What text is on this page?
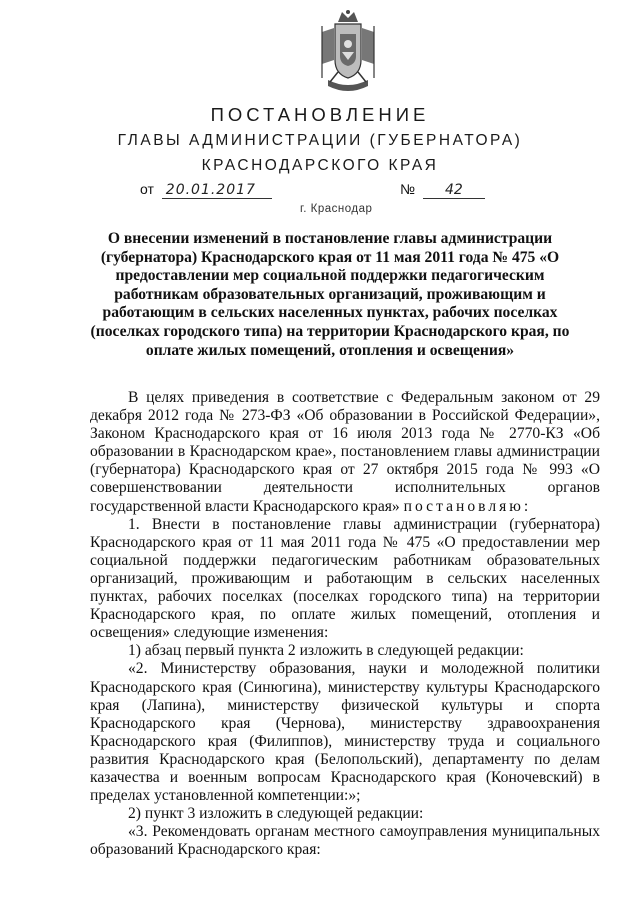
ПОСТАНОВЛЕНИЕ
ГЛАВЫ АДМИНИСТРАЦИИ (ГУБЕРНАТОРА)
КРАСНОДАРСКОГО КРАЯ
от 20.01.2017	№ 42
г. Краснодар
О внесении изменений в постановление главы администрации (губернатора) Краснодарского края от 11 мая 2011 года № 475 «О предоставлении мер социальной поддержки педагогическим работникам образовательных организаций, проживающим и работающим в сельских населенных пунктах, рабочих поселках (поселках городского типа) на территории Краснодарского края, по оплате жилых помещений, отопления и освещения»

В целях приведения в соответствие с Федеральным законом от 29 декабря 2012 года № 273-ФЗ «Об образовании в Российской Федерации», Законом Краснодарского края от 16 июля 2013 года № 2770-КЗ «Об образовании в Краснодарском крае», постановлением главы администрации (губернатора) Краснодарского края от 27 октября 2015 года № 993 «О совершенствовании деятельности исполнительных органов государственной власти Краснодарского края» постановляю:

1. Внести в постановление главы администрации (губернатора) Краснодарского края от 11 мая 2011 года № 475 «О предоставлении мер социальной поддержки педагогическим работникам образовательных организаций, проживающим и работающим в сельских населенных пунктах, рабочих поселках (поселках городского типа) на территории Краснодарского края, по оплате жилых помещений, отопления и освещения» следующие изменения:

1) абзац первый пункта 2 изложить в следующей редакции:

«2. Министерству образования, науки и молодежной политики Краснодарского края (Синюгина), министерству культуры Краснодарского края (Лапина), министерству физической культуры и спорта Краснодарского края (Чернова), министерству здравоохранения Краснодарского края (Филиппов), министерству труда и социального развития Краснодарского края (Белопольский), департаменту по делам казачества и военным вопросам Краснодарского края (Коночевский) в пределах установленной компетенции:»;

2) пункт 3 изложить в следующей редакции:

«3. Рекомендовать органам местного самоуправления муниципальных образований Краснодарского края:
